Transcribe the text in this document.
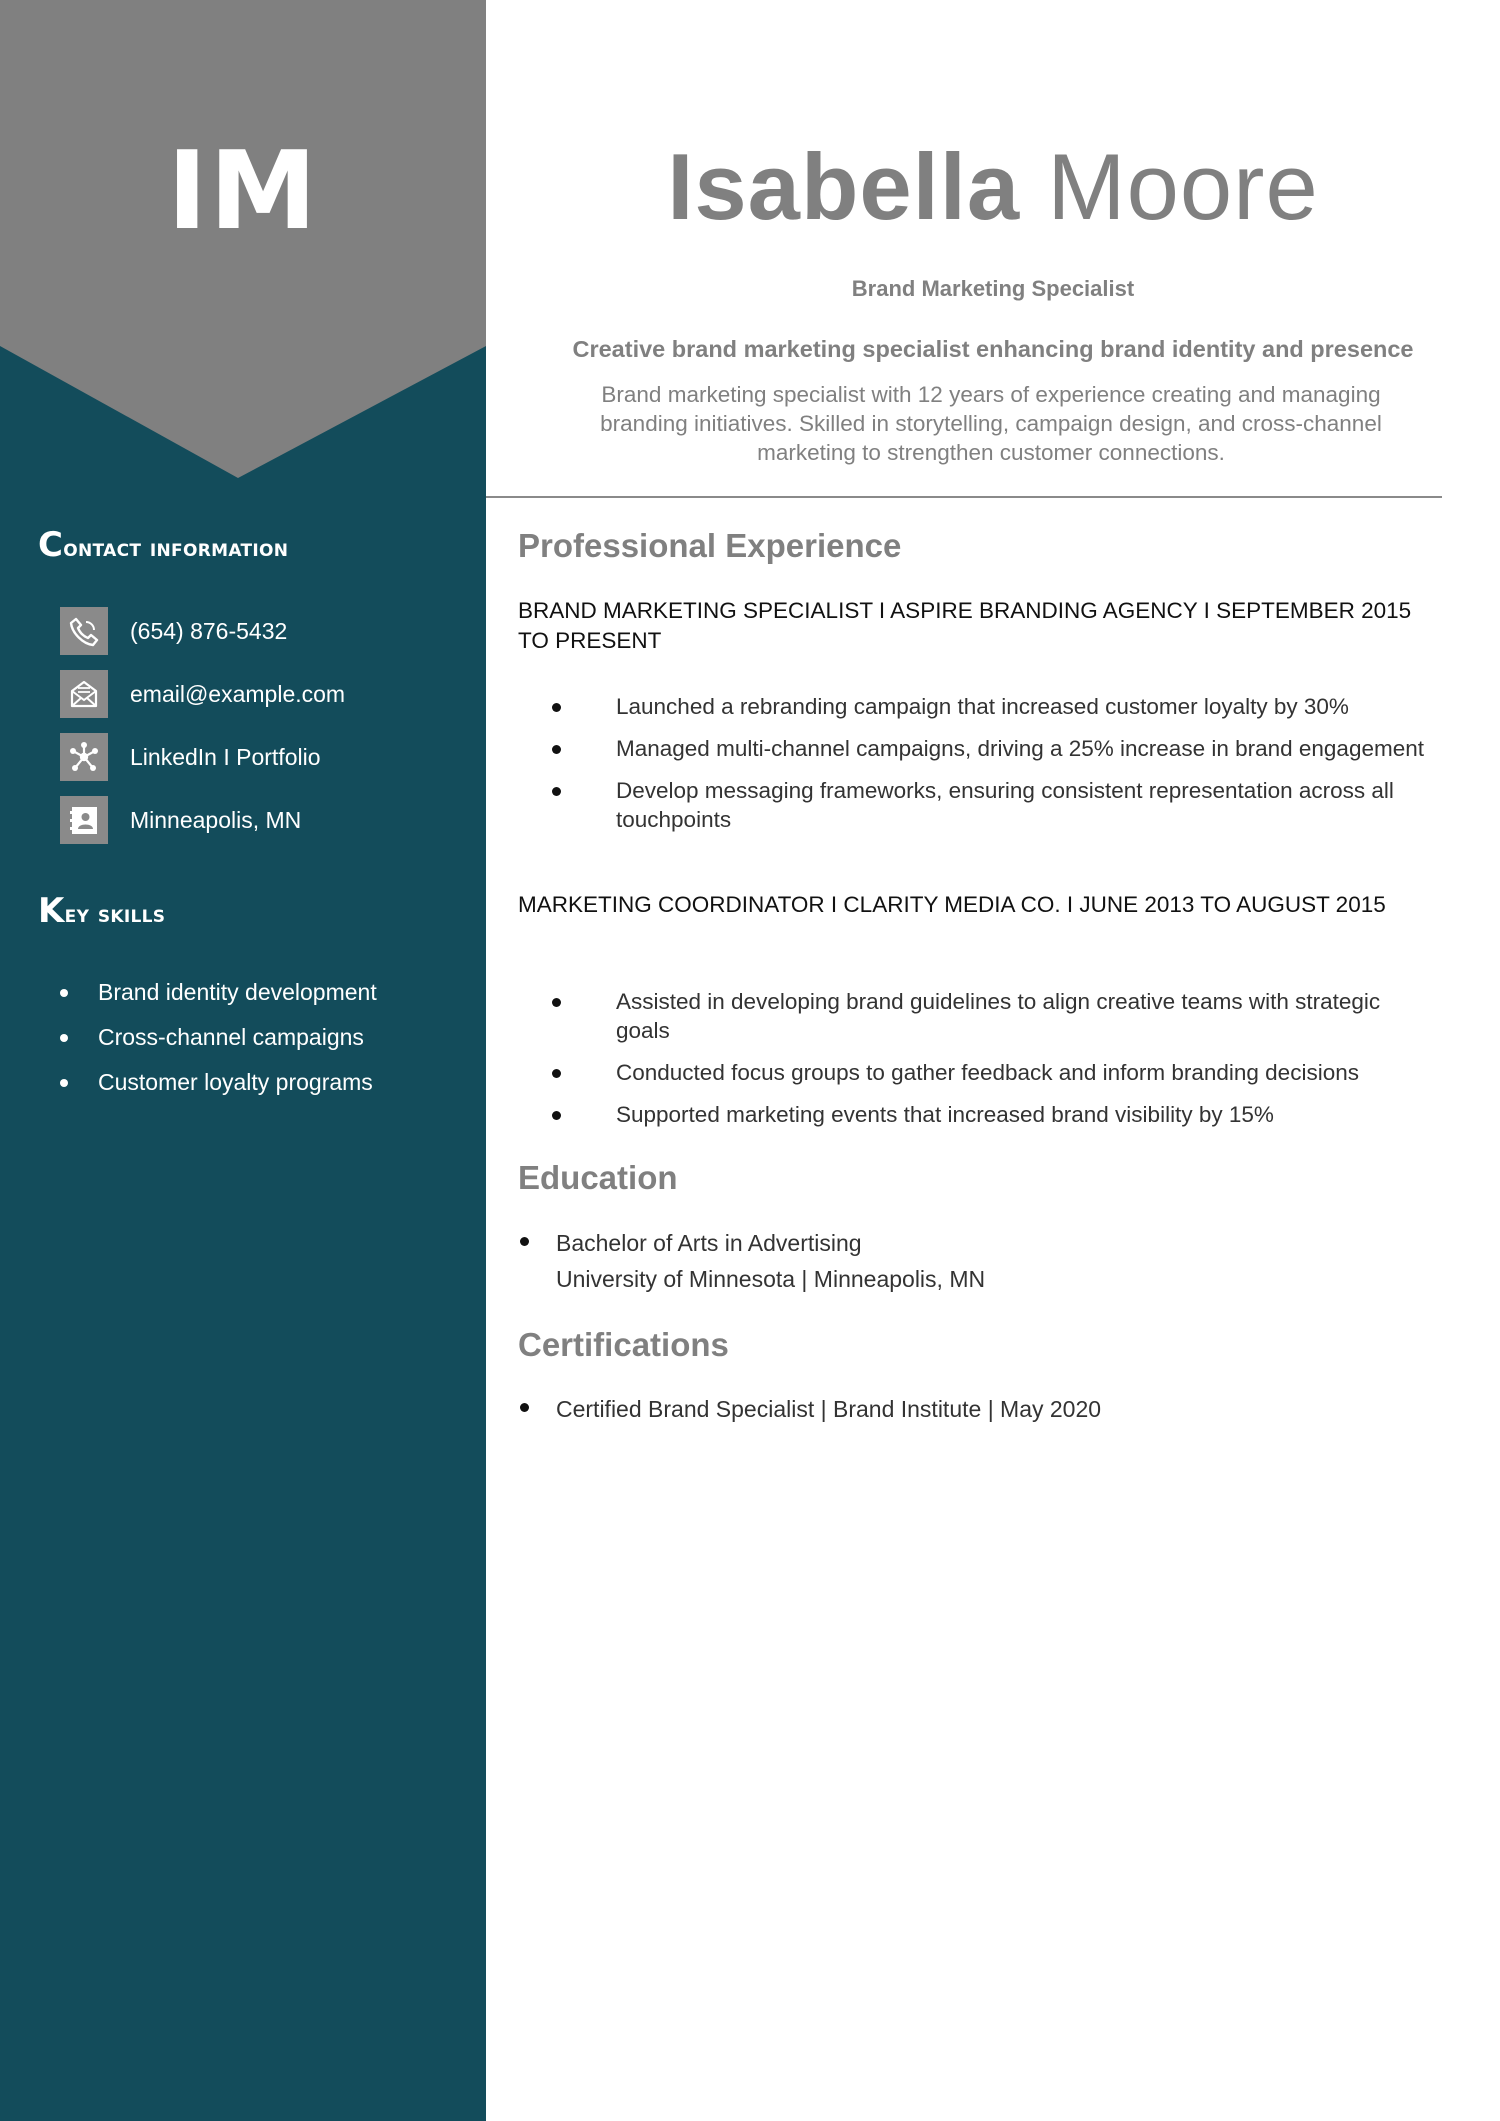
IM
Contact information
(654) 876-5432
email@example.com
LinkedIn I Portfolio
Minneapolis, MN
Key skills
Brand identity development
Cross-channel campaigns
Customer loyalty programs
Isabella Moore
Brand Marketing Specialist
Creative brand marketing specialist enhancing brand identity and presence
Brand marketing specialist with 12 years of experience creating and managing branding initiatives. Skilled in storytelling, campaign design, and cross-channel marketing to strengthen customer connections.
Professional Experience
BRAND MARKETING SPECIALIST I ASPIRE BRANDING AGENCY I SEPTEMBER 2015 TO PRESENT
Launched a rebranding campaign that increased customer loyalty by 30%
Managed multi-channel campaigns, driving a 25% increase in brand engagement
Develop messaging frameworks, ensuring consistent representation across all touchpoints
MARKETING COORDINATOR I CLARITY MEDIA CO. I JUNE 2013 TO AUGUST 2015
Assisted in developing brand guidelines to align creative teams with strategic goals
Conducted focus groups to gather feedback and inform branding decisions
Supported marketing events that increased brand visibility by 15%
Education
Bachelor of Arts in Advertising
University of Minnesota | Minneapolis, MN
Certifications
Certified Brand Specialist | Brand Institute | May 2020
